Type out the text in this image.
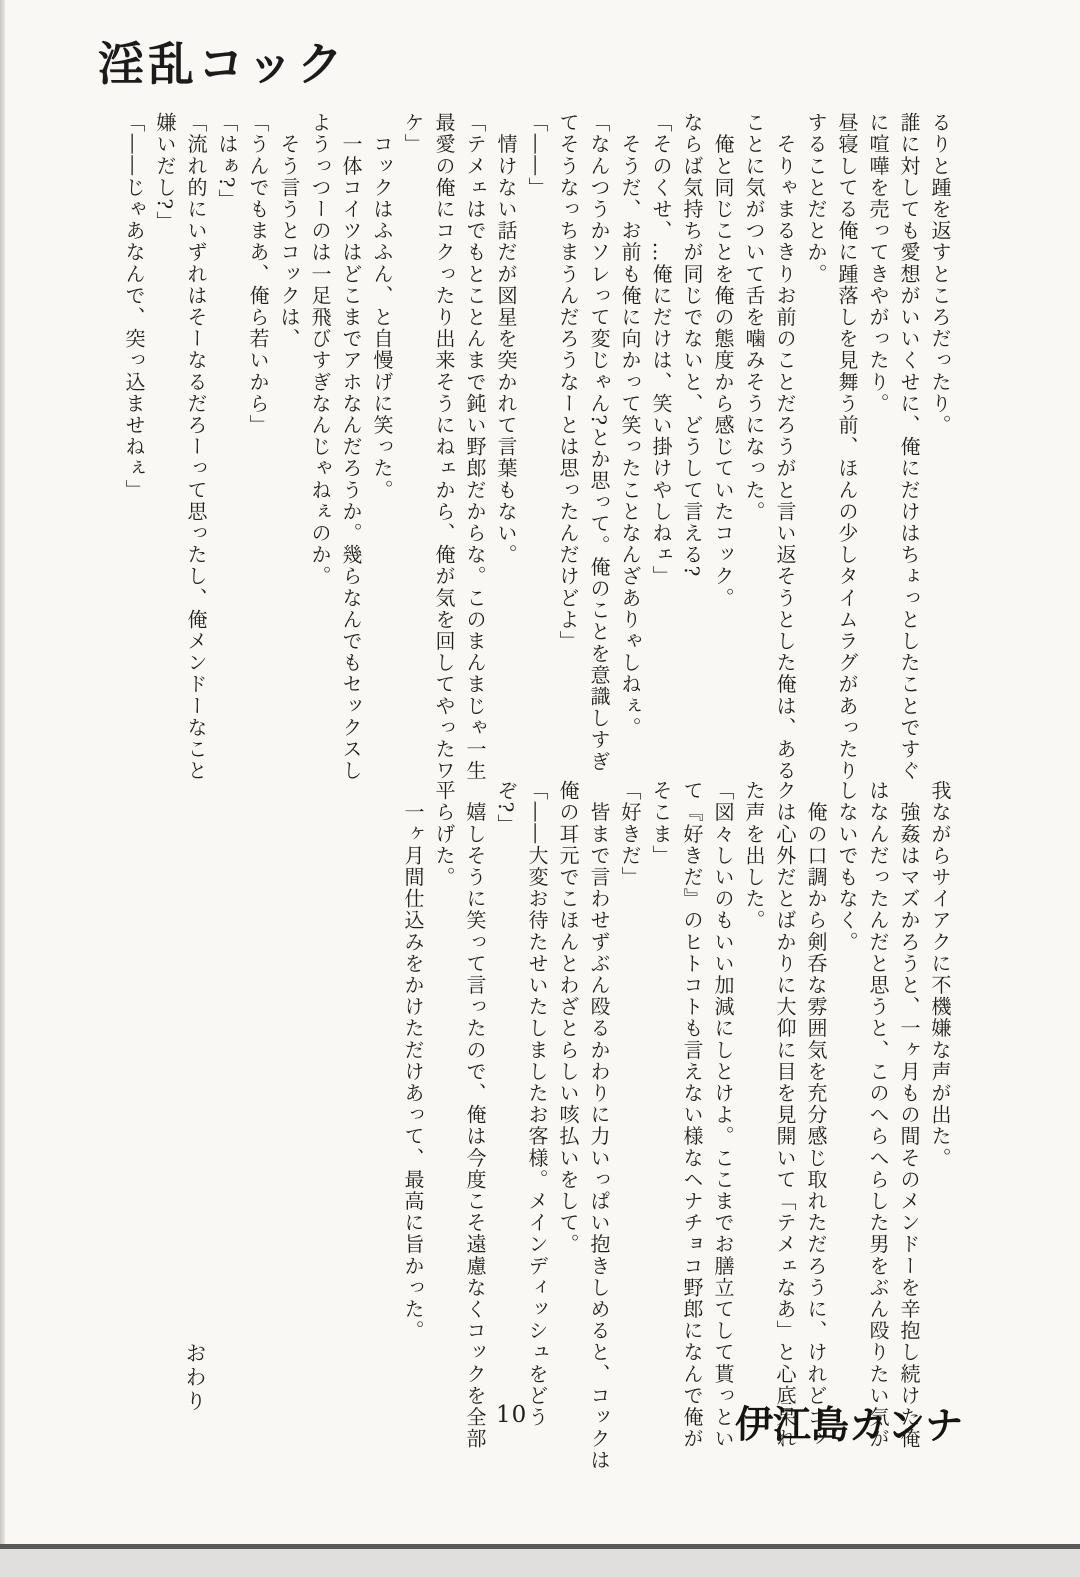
淫乱コック

るりと踵を返すところだったり。

誰に対しても愛想がいいくせに、俺にだけはちょっとしたことですぐ

に喧嘩を売ってきやがったり。

昼寝してる俺に踵落しを見舞う前、ほんの少しタイムラグがあったり

することだとか。

　そりゃまるきりお前のことだろうがと言い返そうとした俺は、ある

ことに気がついて舌を噛みそうになった。

　俺と同じことを俺の態度から感じていたコック。

ならば気持ちが同じでないと、どうして言える?

「そのくせ、…俺にだけは、笑い掛けやしねェ」

　そうだ、お前も俺に向かって笑ったことなんざありゃしねぇ。

「なんつうかソレって変じゃん?とか思って。俺のことを意識しすぎ

てそうなっちまうんだろうなーとは思ったんだけどよ」

「――」

　情けない話だが図星を突かれて言葉もない。

「テメェはでもとことんまで鈍い野郎だからな。このまんまじゃ一生

最愛の俺にコクったり出来そうにねェから、俺が気を回してやったワ

ケ」

　コックはふふん、と自慢げに笑った。

　一体コイツはどこまでアホなんだろうか。幾らなんでもセックスし

ようっつーのは一足飛びすぎなんじゃねぇのか。

　そう言うとコックは、

「うんでもまあ、俺ら若いから」

「はぁ?」

「流れ的にいずれはそーなるだろーって思ったし、俺メンドーなこと

嫌いだし?」

「――じゃあなんで、突っ込ませねぇ」

我ながらサイアクに不機嫌な声が出た。

　強姦はマズかろうと、一ヶ月もの間そのメンドーを辛抱し続けた俺

はなんだったんだと思うと、このへらへらした男をぶん殴りたい気が

しないでもなく。

　俺の口調から剣呑な雰囲気を充分感じ取れただろうに、けれどコッ

クは心外だとばかりに大仰に目を見開いて「テメェなあ」と心底呆れ

た声を出した。

「図々しいのもいい加減にしとけよ。ここまでお膳立てして貰っとい

て『好きだ』のヒトコトも言えない様なヘナチョコ野郎になんで俺が

そこま」

「好きだ」

　皆まで言わせずぶん殴るかわりに力いっぱい抱きしめると、コックは

俺の耳元でこほんとわざとらしい咳払いをして。

「――大変お待たせいたしましたお客様。メインディッシュをどう

ぞ?」

　嬉しそうに笑って言ったので、俺は今度こそ遠慮なくコックを全部

平らげた。

　一ヶ月間仕込みをかけただけあって、最高に旨かった。

おわり
10	伊江島カンナ
